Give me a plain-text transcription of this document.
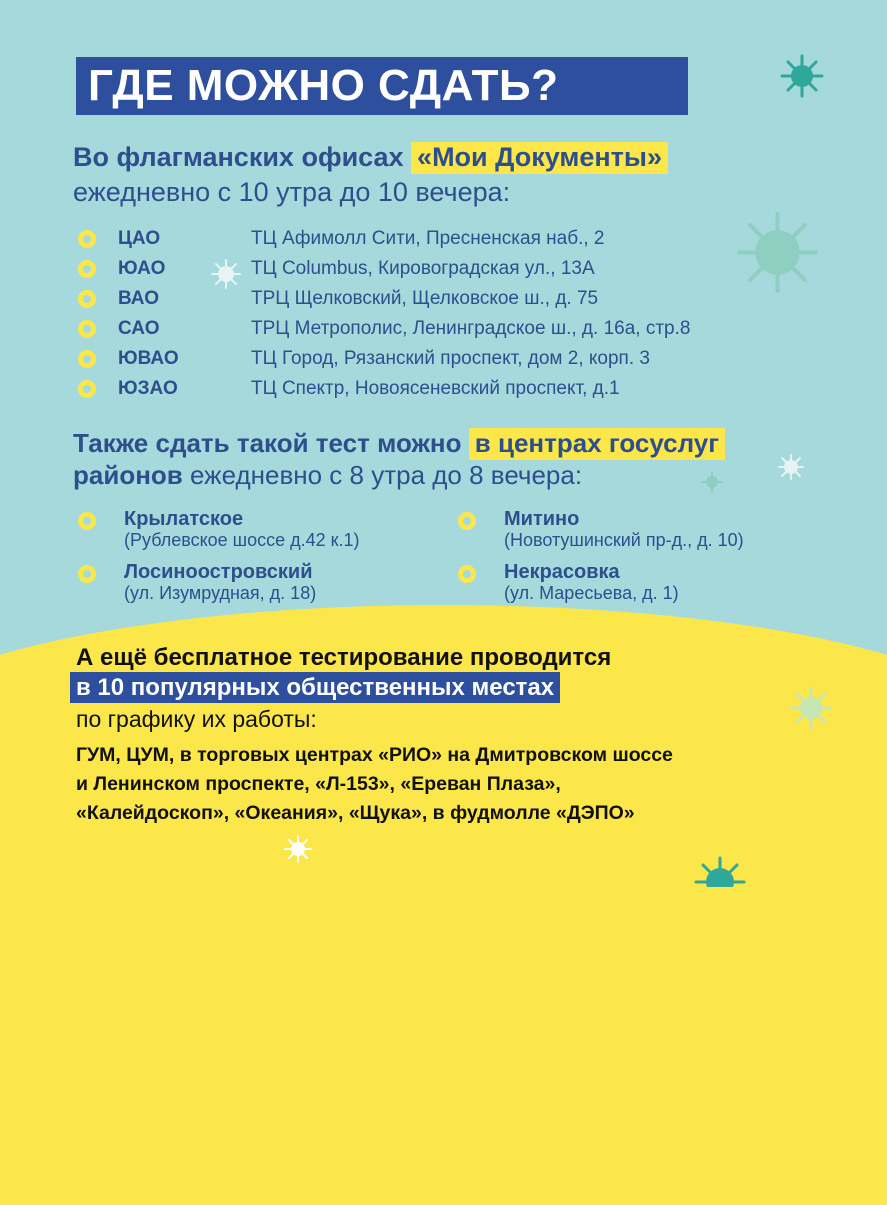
ГДЕ МОЖНО СДАТЬ?
Во флагманских офисах «Мои Документы»
ежедневно с 10 утра до 10 вечера:
ЦАО	ТЦ Афимолл Сити, Пресненская наб., 2
ЮАО	ТЦ Columbus, Кировоградская ул., 13А
ВАО	ТРЦ Щелковский, Щелковское ш., д. 75
САО	ТРЦ Метрополис, Ленинградское ш., д. 16а, стр.8
ЮВАО	ТЦ Город, Рязанский проспект, дом 2, корп. 3
ЮЗАО	ТЦ Спектр, Новоясеневский проспект, д.1
Также сдать такой тест можно в центрах госуслуг
районов ежедневно с 8 утра до 8 вечера:
Крылатское
(Рублевское шоссе д.42 к.1)
Митино
(Новотушинский пр-д., д. 10)
Лосиноостровский
(ул. Изумрудная, д. 18)
Некрасовка
(ул. Маресьева, д. 1)
А ещё бесплатное тестирование проводится
в 10 популярных общественных местах
по графику их работы:
ГУМ, ЦУМ, в торговых центрах «РИО» на Дмитровском шоссе
и Ленинском проспекте, «Л-153», «Ереван Плаза»,
«Калейдоскоп», «Океания», «Щука», в фудмолле «ДЭПО»
